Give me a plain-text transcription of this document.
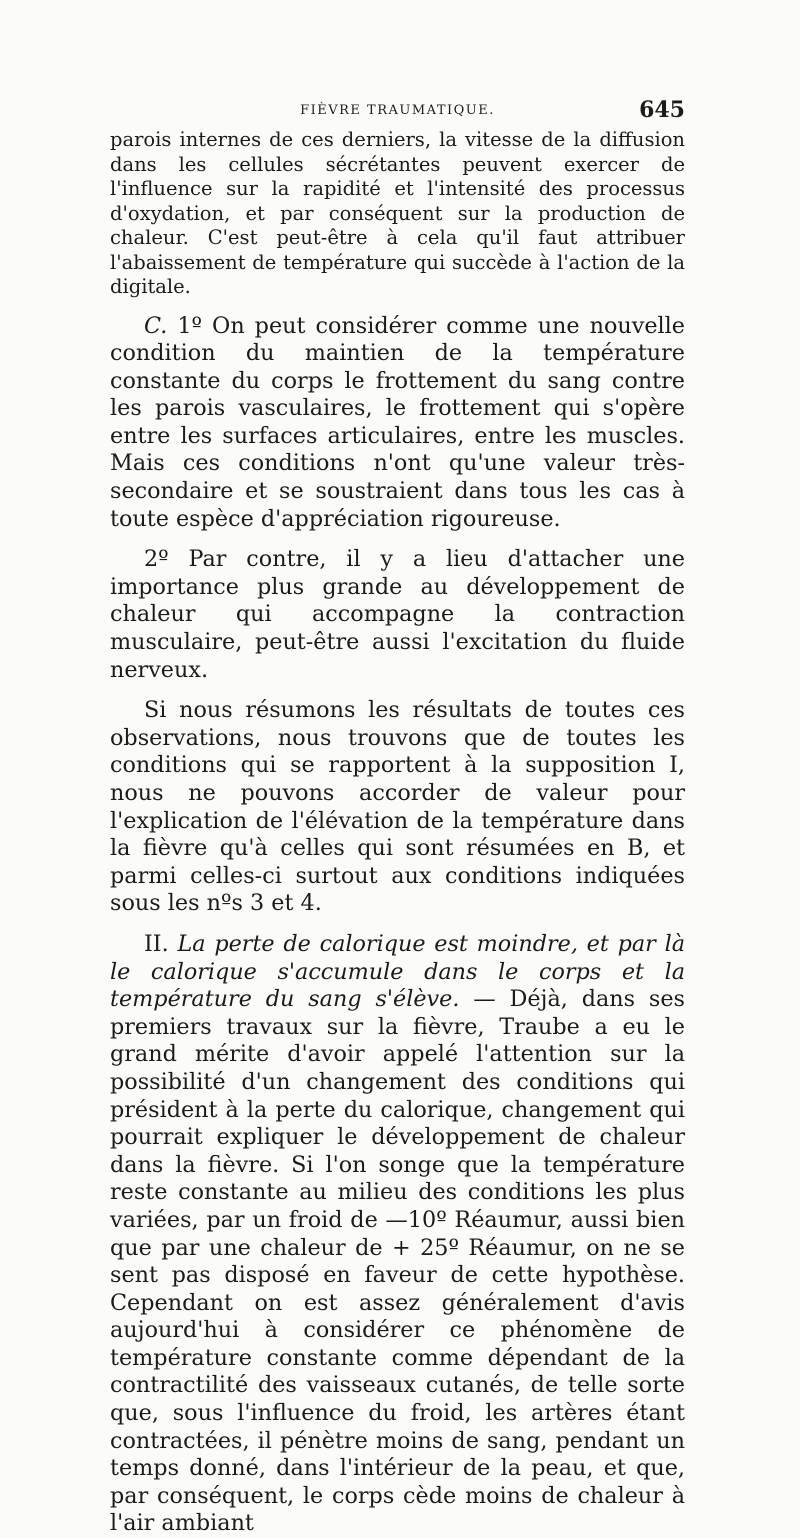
FIÈVRE TRAUMATIQUE.	645

parois internes de ces derniers, la vitesse de la diffusion dans les cellules sécrétantes peuvent exercer de l'influence sur la rapidité et l'intensité des processus d'oxydation, et par conséquent sur la production de chaleur. C'est peut-être à cela qu'il faut attribuer l'abaissement de température qui succède à l'action de la digitale.

C. 1º On peut considérer comme une nouvelle condition du maintien de la température constante du corps le frottement du sang contre les parois vasculaires, le frottement qui s'opère entre les surfaces articulaires, entre les muscles. Mais ces conditions n'ont qu'une valeur très-secondaire et se soustraient dans tous les cas à toute espèce d'appréciation rigoureuse.

2º Par contre, il y a lieu d'attacher une importance plus grande au développement de chaleur qui accompagne la contraction musculaire, peut-être aussi l'excitation du fluide nerveux.

Si nous résumons les résultats de toutes ces observations, nous trouvons que de toutes les conditions qui se rapportent à la supposition I, nous ne pouvons accorder de valeur pour l'explication de l'élévation de la température dans la fièvre qu'à celles qui sont résumées en B, et parmi celles-ci surtout aux conditions indiquées sous les nºs 3 et 4.

II. La perte de calorique est moindre, et par là le calorique s'accumule dans le corps et la température du sang s'élève. — Déjà, dans ses premiers travaux sur la fièvre, Traube a eu le grand mérite d'avoir appelé l'attention sur la possibilité d'un changement des conditions qui président à la perte du calorique, changement qui pourrait expliquer le développement de chaleur dans la fièvre. Si l'on songe que la température reste constante au milieu des conditions les plus variées, par un froid de —10º Réaumur, aussi bien que par une chaleur de + 25º Réaumur, on ne se sent pas disposé en faveur de cette hypothèse. Cependant on est assez généralement d'avis aujourd'hui à considérer ce phénomène de température constante comme dépendant de la contractilité des vaisseaux cutanés, de telle sorte que, sous l'influence du froid, les artères étant contractées, il pénètre moins de sang, pendant un temps donné, dans l'intérieur de la peau, et que, par conséquent, le corps cède moins de chaleur à l'air ambiant
